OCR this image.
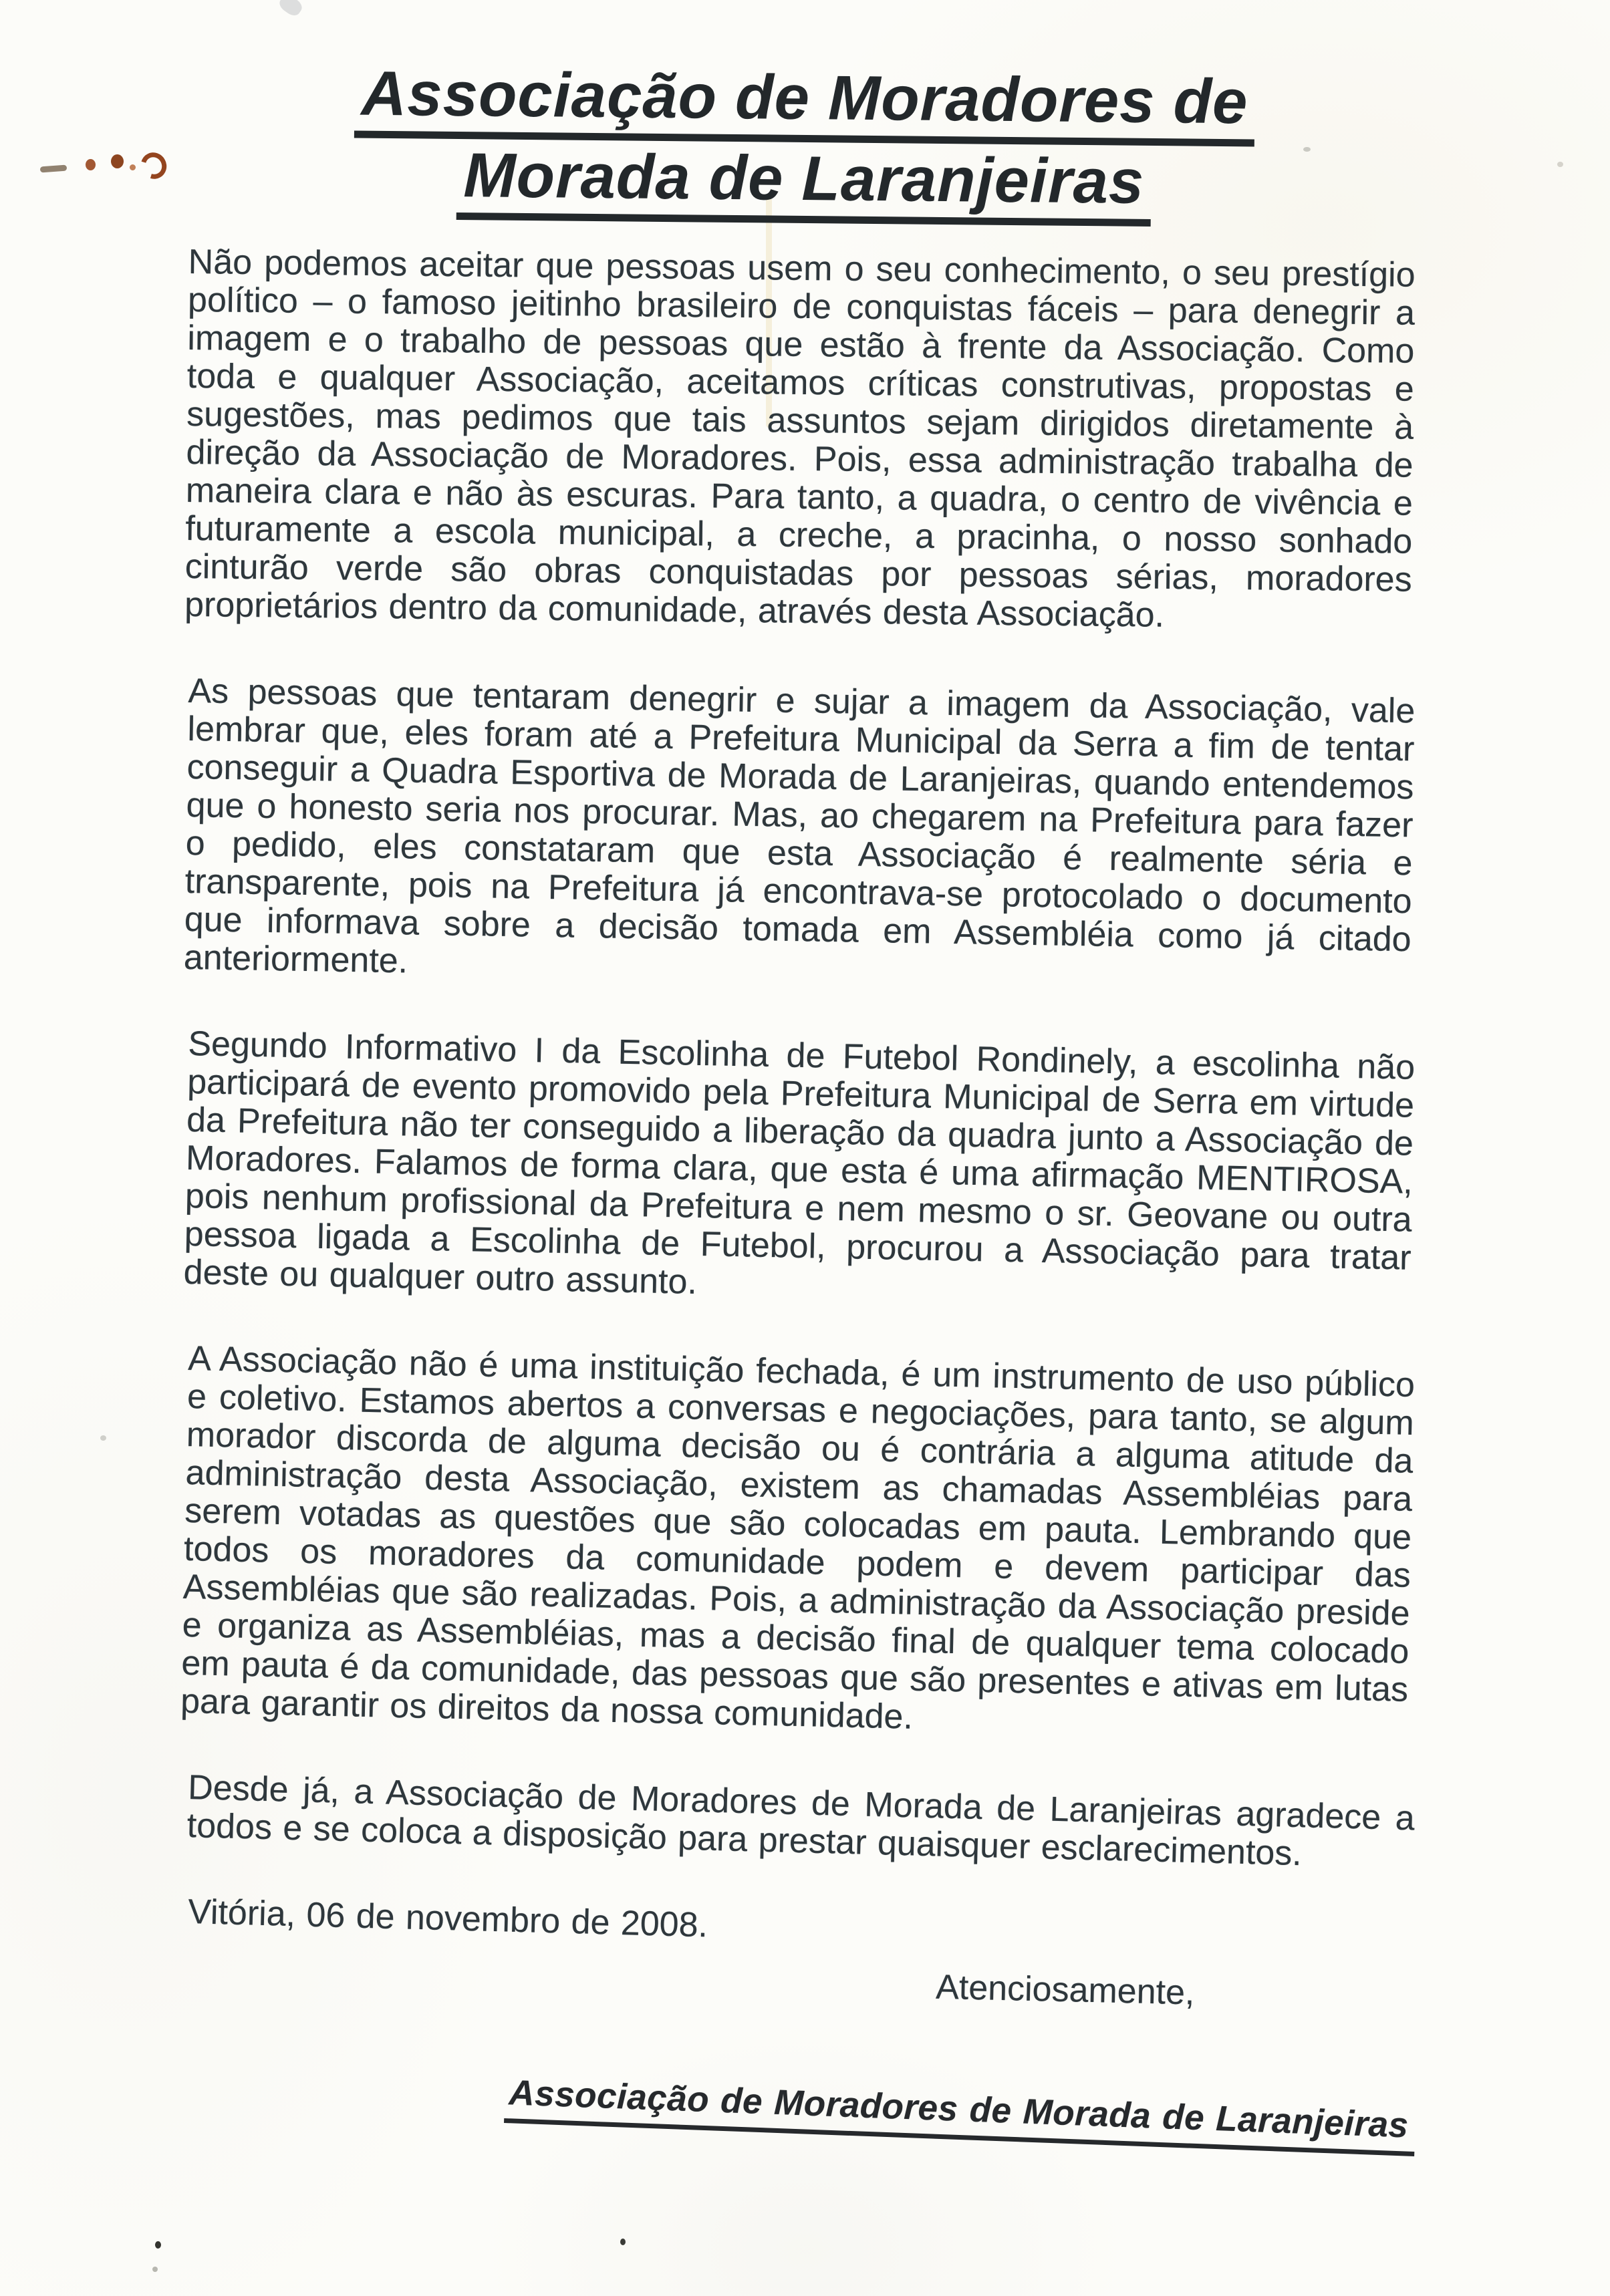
Associação de Moradores de
Morada de Laranjeiras

Não podemos aceitar que pessoas usem o seu conhecimento, o seu prestígio político – o famoso jeitinho brasileiro de conquistas fáceis – para denegrir a imagem e o trabalho de pessoas que estão à frente da Associação. Como toda e qualquer Associação, aceitamos críticas construtivas, propostas e sugestões, mas pedimos que tais assuntos sejam dirigidos diretamente à direção da Associação de Moradores. Pois, essa administração trabalha de maneira clara e não às escuras. Para tanto, a quadra, o centro de vivência e futuramente a escola municipal, a creche, a pracinha, o nosso sonhado cinturão verde são obras conquistadas por pessoas sérias, moradores proprietários dentro da comunidade, através desta Associação.

As pessoas que tentaram denegrir e sujar a imagem da Associação, vale lembrar que, eles foram até a Prefeitura Municipal da Serra a fim de tentar conseguir a Quadra Esportiva de Morada de Laranjeiras, quando entendemos que o honesto seria nos procurar. Mas, ao chegarem na Prefeitura para fazer o pedido, eles constataram que esta Associação é realmente séria e transparente, pois na Prefeitura já encontrava-se protocolado o documento que informava sobre a decisão tomada em Assembléia como já citado anteriormente.

Segundo Informativo I da Escolinha de Futebol Rondinely, a escolinha não participará de evento promovido pela Prefeitura Municipal de Serra em virtude da Prefeitura não ter conseguido a liberação da quadra junto a Associação de Moradores. Falamos de forma clara, que esta é uma afirmação MENTIROSA, pois nenhum profissional da Prefeitura e nem mesmo o sr. Geovane ou outra pessoa ligada a Escolinha de Futebol, procurou a Associação para tratar deste ou qualquer outro assunto.

A Associação não é uma instituição fechada, é um instrumento de uso público e coletivo. Estamos abertos a conversas e negociações, para tanto, se algum morador discorda de alguma decisão ou é contrária a alguma atitude da administração desta Associação, existem as chamadas Assembléias para serem votadas as questões que são colocadas em pauta. Lembrando que todos os moradores da comunidade podem e devem participar das Assembléias que são realizadas. Pois, a administração da Associação preside e organiza as Assembléias, mas a decisão final de qualquer tema colocado em pauta é da comunidade, das pessoas que são presentes e ativas em lutas para garantir os direitos da nossa comunidade.

Desde já, a Associação de Moradores de Morada de Laranjeiras agradece a todos e se coloca a disposição para prestar quaisquer esclarecimentos.

Vitória, 06 de novembro de 2008.

Atenciosamente,

Associação de Moradores de Morada de Laranjeiras
